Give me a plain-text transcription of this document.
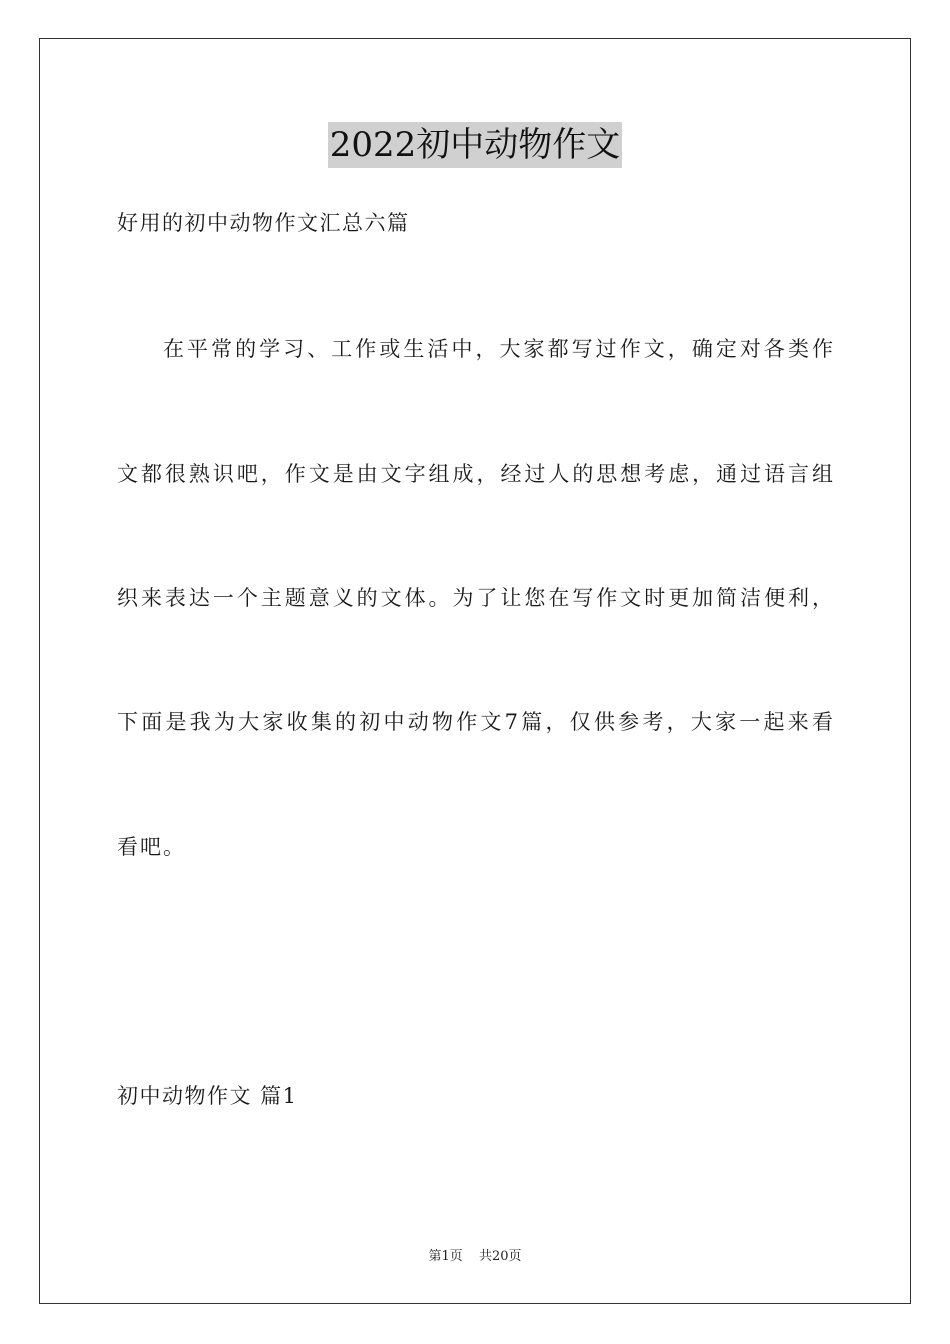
2022初中动物作文
好用的初中动物作文汇总六篇
在平常的学习、工作或生活中，大家都写过作文，确定对各类作
文都很熟识吧，作文是由文字组成，经过人的思想考虑，通过语言组
织来表达一个主题意义的文体。为了让您在写作文时更加简洁便利，
下面是我为大家收集的初中动物作文7篇，仅供参考，大家一起来看
看吧。
初中动物作文 篇1
第1页 共20页
